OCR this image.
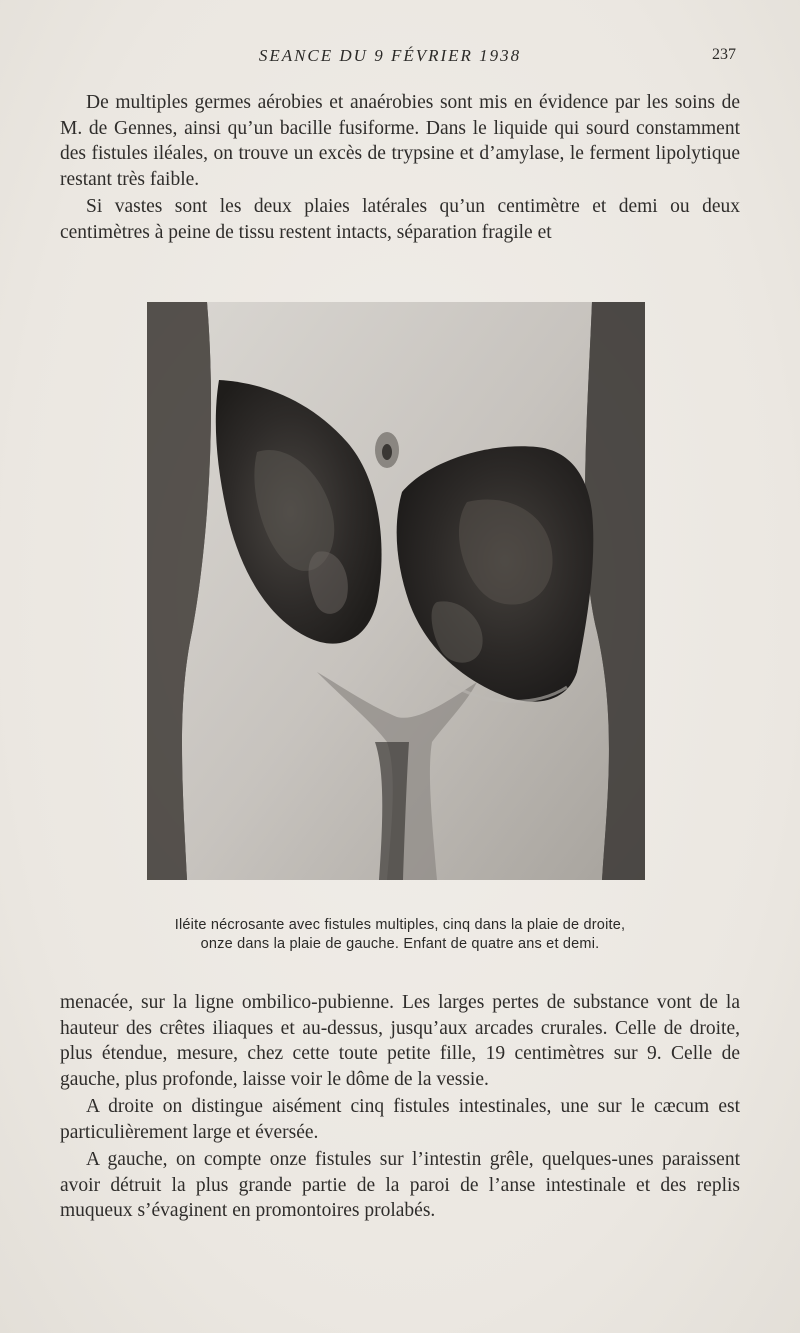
SEANCE DU 9 FÉVRIER 1938	237

De multiples germes aérobies et anaérobies sont mis en évidence par les soins de M. de Gennes, ainsi qu’un bacille fusiforme. Dans le liquide qui sourd constamment des fistules iléales, on trouve un excès de trypsine et d’amylase, le ferment lipolytique restant très faible.

Si vastes sont les deux plaies latérales qu’un centimètre et demi ou deux centimètres à peine de tissu restent intacts, séparation fragile et

Iléite nécrosante avec fistules multiples, cinq dans la plaie de droite,
onze dans la plaie de gauche. Enfant de quatre ans et demi.

menacée, sur la ligne ombilico-pubienne. Les larges pertes de substance vont de la hauteur des crêtes iliaques et au-dessus, jusqu’aux arcades crurales. Celle de droite, plus étendue, mesure, chez cette toute petite fille, 19 centimètres sur 9. Celle de gauche, plus profonde, laisse voir le dôme de la vessie.

A droite on distingue aisément cinq fistules intestinales, une sur le cæcum est particulièrement large et éversée.

A gauche, on compte onze fistules sur l’intestin grêle, quelques-unes paraissent avoir détruit la plus grande partie de la paroi de l’anse intestinale et des replis muqueux s’évaginent en promontoires prolabés.
